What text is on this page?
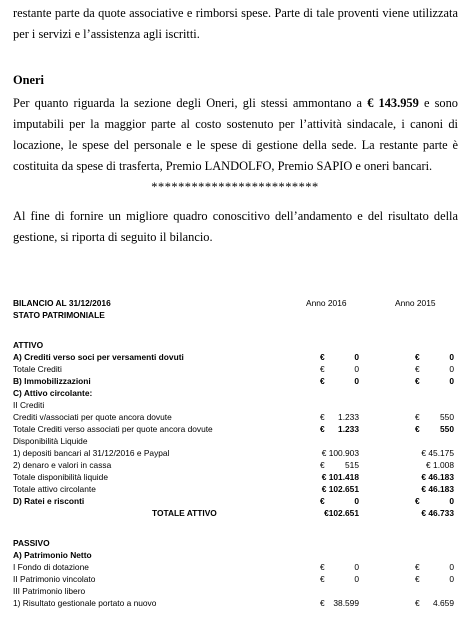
restante parte da quote associative e rimborsi spese. Parte di tale proventi viene utilizzata per i servizi e l’assistenza agli iscritti.

Oneri

Per quanto riguarda la sezione degli Oneri, gli stessi ammontano a € 143.959 e sono imputabili per la maggior parte al costo sostenuto per l’attività sindacale, i canoni di locazione, le spese del personale e le spese di gestione della sede. La restante parte è costituita da spese di trasferta, Premio LANDOLFO, Premio SAPIO e oneri bancari.

*************************

Al fine di fornire un migliore quadro conoscitivo dell’andamento e del risultato della gestione, si riporta di seguito il bilancio.

BILANCIO AL 31/12/2016	Anno 2016	Anno 2015
STATO PATRIMONIALE
ATTIVO
A) Crediti verso soci per versamenti dovuti	€	0	€	0
Totale Crediti	€	0	€	0
B) Immobilizzazioni	€	0	€	0
C) Attivo circolante:
II Crediti
Crediti v/associati per quote ancora dovute	€ 1.233	€ 550
Totale Crediti verso associati per quote ancora dovute	€ 1.233	€ 550
Disponibilità Liquide
1) depositi bancari al 31/12/2016 e Paypal	€ 100.903	€ 45.175
2) denaro e valori in cassa	€ 515	€ 1.008
Totale disponibilità liquide	€ 101.418	€ 46.183
Totale attivo circolante	€ 102.651	€ 46.183
D) Ratei e risconti	€	0	€	0
TOTALE ATTIVO	€102.651	€ 46.733
PASSIVO
A) Patrimonio Netto
I Fondo di dotazione	€	0	€	0
II Patrimonio vincolato	€	0	€	0
III Patrimonio libero
1) Risultato gestionale portato a nuovo	€ 38.599	€ 4.659
